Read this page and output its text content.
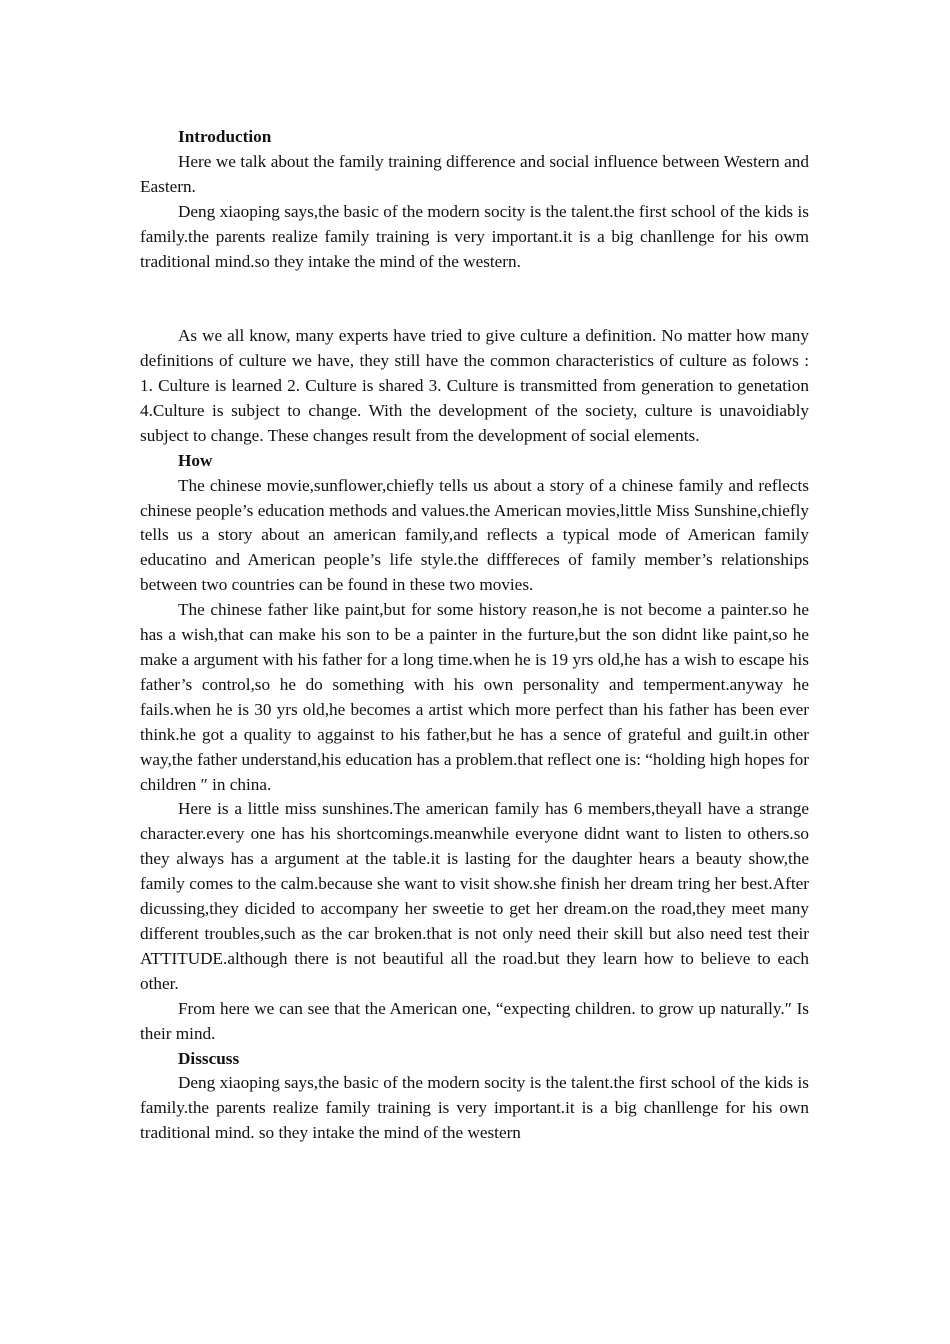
Introduction

Here we talk about the family training difference and social influence between Western and Eastern.

Deng xiaoping says,the basic of the modern socity is the talent.the first school of the kids is family.the parents realize family training is very important.it is a big chanllenge for his owm traditional mind.so they intake the mind of the western.

As we all know, many experts have tried to give culture a definition. No matter how many definitions of culture we have, they still have the common characteristics of culture as folows : 1. Culture is learned 2. Culture is shared 3. Culture is transmitted from generation to genetation 4.Culture is subject to change. With the development of the society, culture is unavoidiably subject to change. These changes result from the development of social elements.

How

The chinese movie,sunflower,chiefly tells us about a story of a chinese family and reflects chinese people’s education methods and values.the American movies,little Miss Sunshine,chiefly tells us a story about an american family,and reflects a typical mode of American family educatino and American people’s life style.the difffereces of family member’s relationships between two countries can be found in these two movies.

The chinese father like paint,but for some history reason,he is not become a painter.so he has a wish,that can make his son to be a painter in the furture,but the son didnt like paint,so he make a argument with his father for a long time.when he is 19 yrs old,he has a wish to escape his father’s control,so he do something with his own personality and temperment.anyway he fails.when he is 30 yrs old,he becomes a artist which more perfect than his father has been ever think.he got a quality to aggainst to his father,but he has a sence of grateful and guilt.in other way,the father understand,his education has a problem.that reflect one is: “holding high hopes for children ″ in china.

Here is a little miss sunshines.The american family has 6 members,theyall have a strange character.every one has his shortcomings.meanwhile everyone didnt want to listen to others.so they always has a argument at the table.it is lasting for the daughter hears a beauty show,the family comes to the calm.because she want to visit show.she finish her dream tring her best.After dicussing,they dicided to accompany her sweetie to get her dream.on the road,they meet many different troubles,such as the car broken.that is not only need their skill but also need test their ATTITUDE.although there is not beautiful all the road.but they learn how to believe to each other.

From here we can see that the American one, “expecting children. to grow up naturally.″ Is their mind.

Disscuss

Deng xiaoping says,the basic of the modern socity is the talent.the first school of the kids is family.the parents realize family training is very important.it is a big chanllenge for his own traditional mind. so they intake the mind of the western
